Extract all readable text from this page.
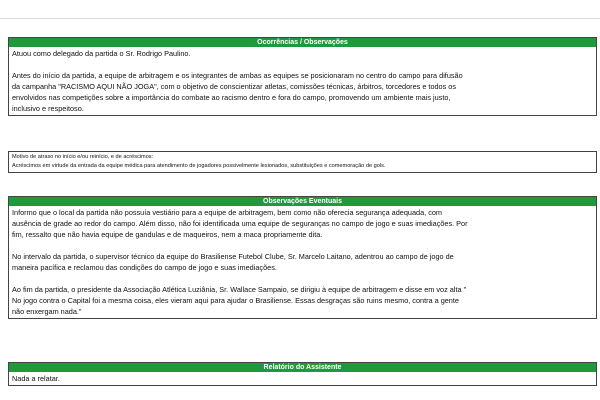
Ocorrências / Observações
Atuou como delegado da partida o Sr. Rodrigo Paulino.
Antes do início da partida, a equipe de arbitragem e os integrantes de ambas as equipes se posicionaram no centro do campo para difusão
da campanha "RACISMO AQUI NÃO JOGA", com o objetivo de conscientizar atletas, comissões técnicas, árbitros, torcedores e todos os
envolvidos nas competições sobre a importância do combate ao racismo dentro e fora do campo, promovendo um ambiente mais justo,
inclusivo e respeitoso.
Motivo de atraso no início e/ou reinício, e de acréscimos:
Acréscimos em virtude da entrada da equipe médica para atendimento de jogadores possivelmente lesionados, substituições e comemoração de gols.
Observações Eventuais
Informo que o local da partida não possuía vestiário para a equipe de arbitragem, bem como não oferecia segurança adequada, com
ausência de grade ao redor do campo. Além disso, não foi identificada uma equipe de seguranças no campo de jogo e suas imediações. Por
fim, ressalto que não havia equipe de gandulas e de maqueiros, nem a maca propriamente dita.
No intervalo da partida, o supervisor técnico da equipe do Brasiliense Futebol Clube, Sr. Marcelo Laitano, adentrou ao campo de jogo de
maneira pacífica e reclamou das condições do campo de jogo e suas imediações.
Ao fim da partida, o presidente da Associação Atlética Luziânia, Sr. Wallace Sampaio, se dirigiu à equipe de arbitragem e disse em voz alta "
No jogo contra o Capital foi a mesma coisa, eles vieram aqui para ajudar o Brasiliense. Essas desgraças são ruins mesmo, contra a gente
não enxergam nada."
Relatório do Assistente
Nada a relatar.
